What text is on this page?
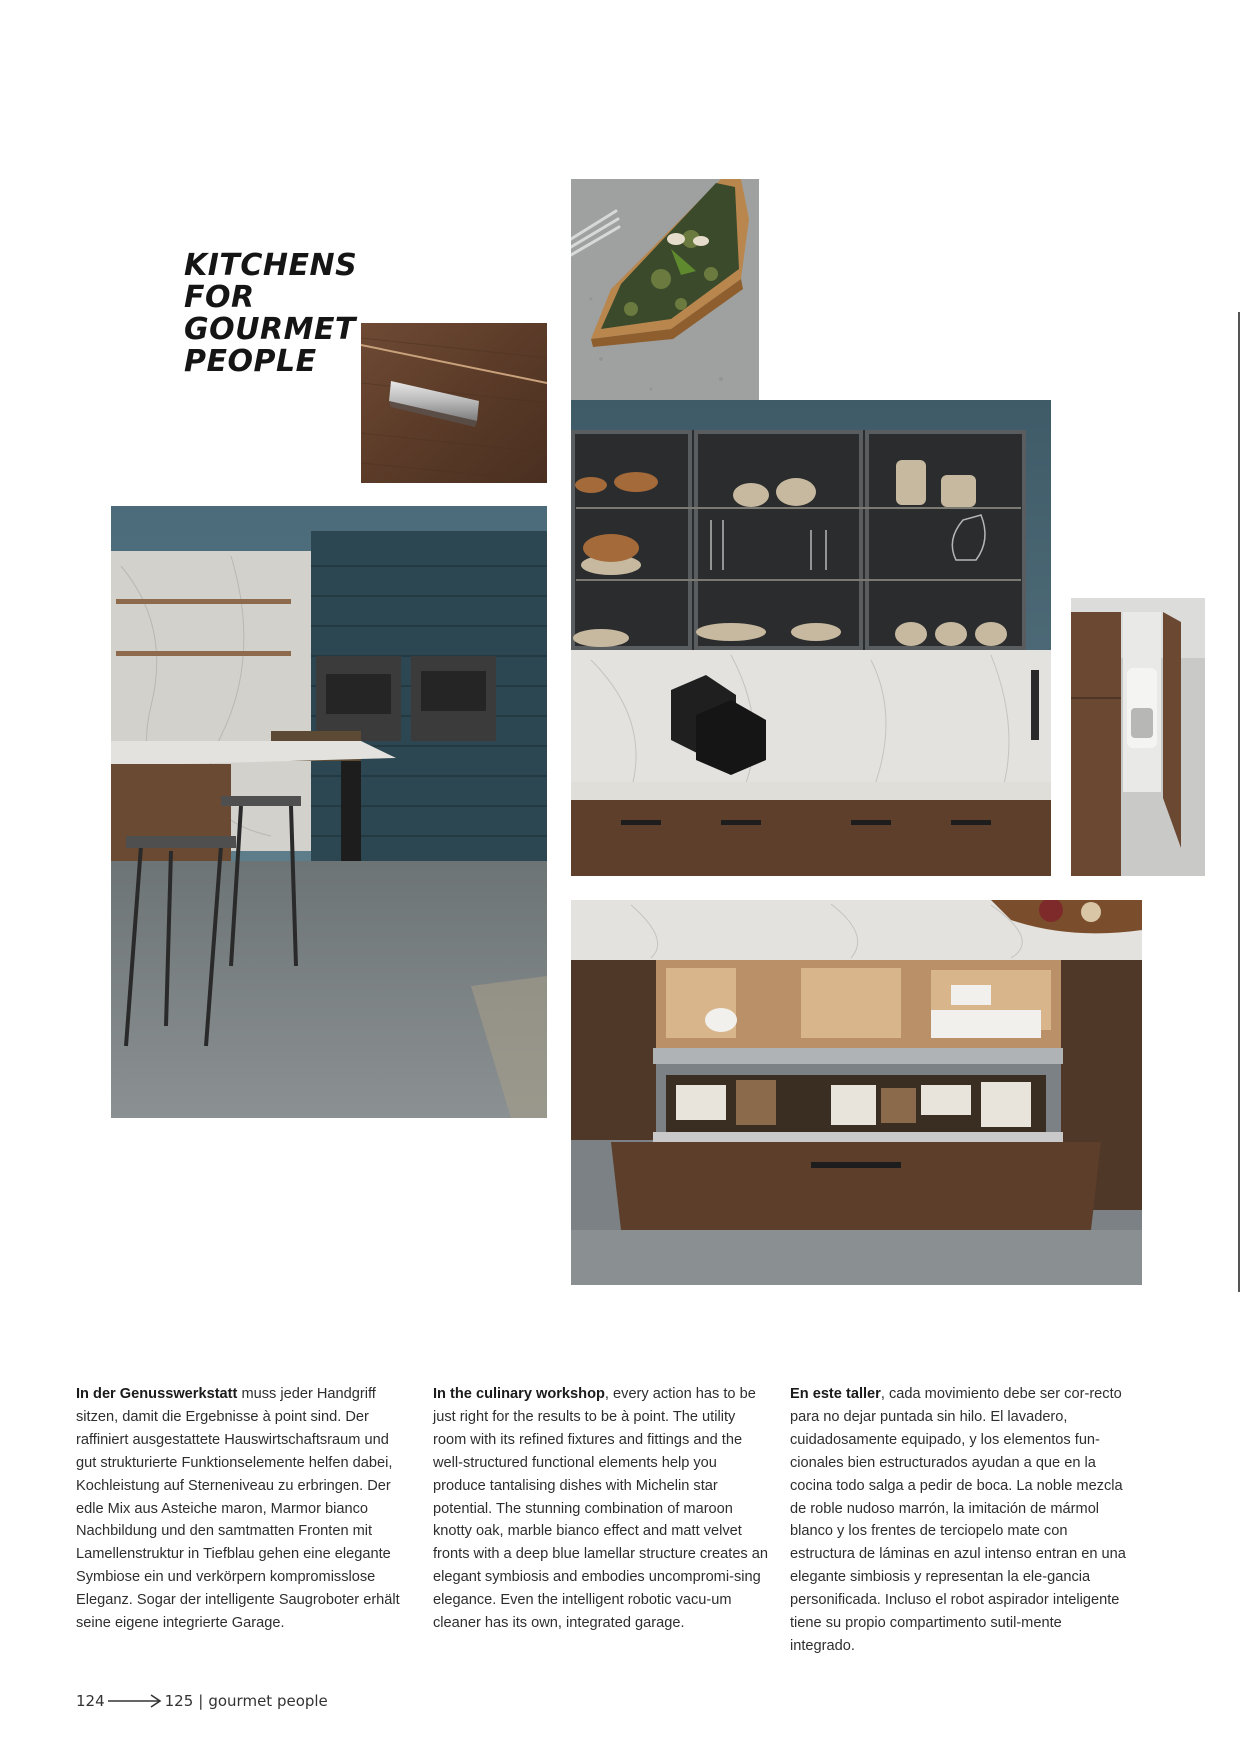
KITCHENS
FOR
GOURMET
PEOPLE

In der Genusswerkstatt muss jeder Handgriff sitzen, damit die Ergebnisse à point sind. Der raffiniert ausgestattete Hauswirtschaftsraum und gut strukturierte Funktionselemente helfen dabei, Kochleistung auf Sterneniveau zu erbringen. Der edle Mix aus Asteiche maron, Marmor bianco Nachbildung und den samtmatten Fronten mit Lamellenstruktur in Tiefblau gehen eine elegante Symbiose ein und verkörpern kompromisslose Eleganz. Sogar der intelligente Saugroboter erhält seine eigene integrierte Garage.

In the culinary workshop, every action has to be just right for the results to be à point. The utility room with its refined fixtures and fittings and the well-structured functional elements help you produce tantalising dishes with Michelin star potential. The stunning combination of maroon knotty oak, marble bianco effect and matt velvet fronts with a deep blue lamellar structure creates an elegant symbiosis and embodies uncompromi-sing elegance. Even the intelligent robotic vacu-um cleaner has its own, integrated garage.

En este taller, cada movimiento debe ser cor-recto para no dejar puntada sin hilo. El lavadero, cuidadosamente equipado, y los elementos fun-cionales bien estructurados ayudan a que en la cocina todo salga a pedir de boca. La noble mezcla de roble nudoso marrón, la imitación de mármol blanco y los frentes de terciopelo mate con estructura de láminas en azul intenso entran en una elegante simbiosis y representan la ele-gancia personificada. Incluso el robot aspirador inteligente tiene su propio compartimento sutil-mente integrado.

124	125 | gourmet people
